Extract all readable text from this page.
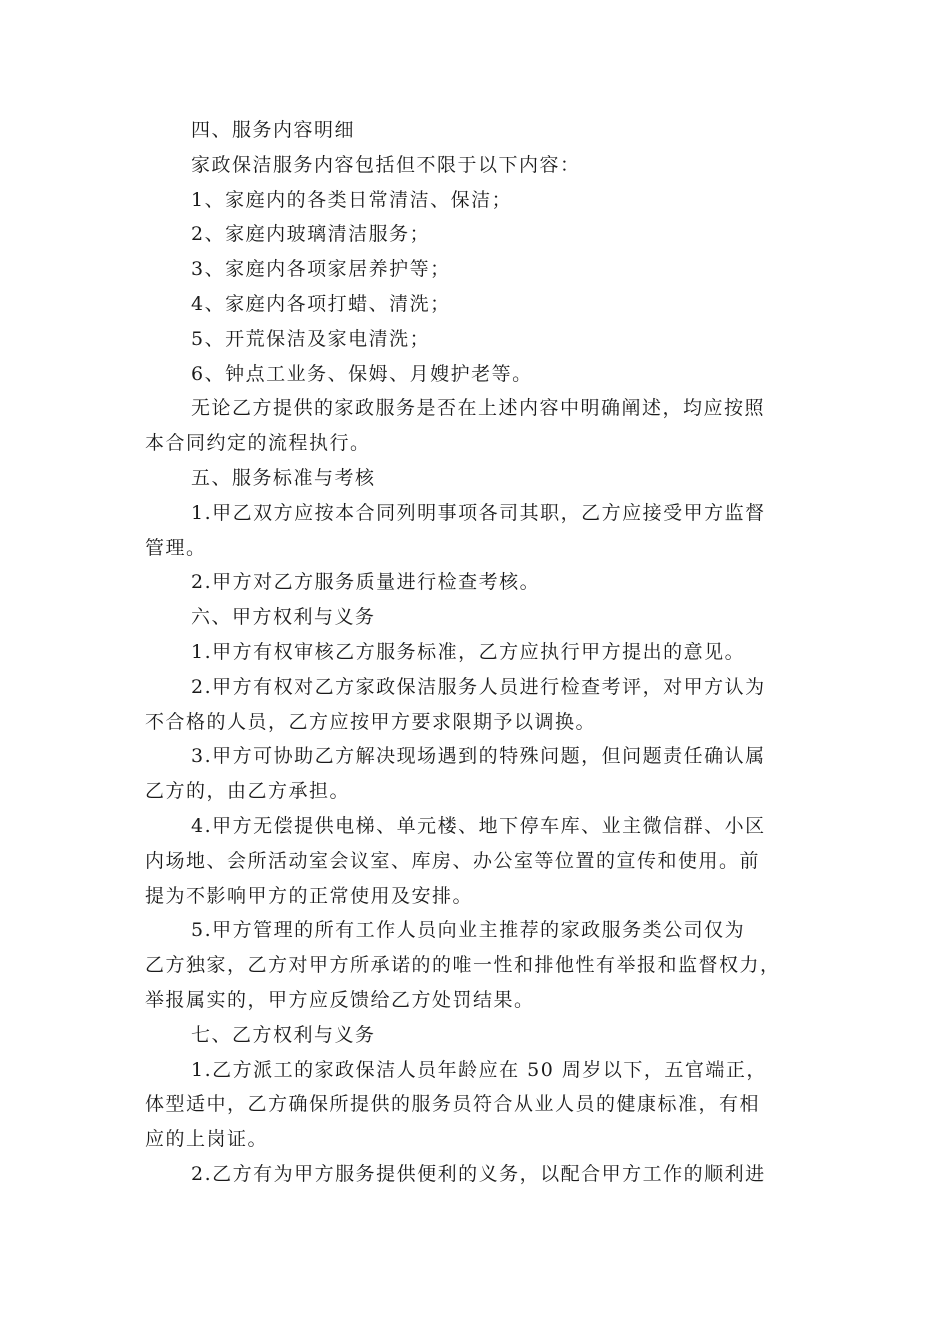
四、服务内容明细
家政保洁服务内容包括但不限于以下内容：
1、家庭内的各类日常清洁、保洁；
2、家庭内玻璃清洁服务；
3、家庭内各项家居养护等；
4、家庭内各项打蜡、清洗；
5、开荒保洁及家电清洗；
6、钟点工业务、保姆、月嫂护老等。
无论乙方提供的家政服务是否在上述内容中明确阐述，均应按照
本合同约定的流程执行。
五、服务标准与考核
1.甲乙双方应按本合同列明事项各司其职，乙方应接受甲方监督
管理。
2.甲方对乙方服务质量进行检查考核。
六、甲方权利与义务
1.甲方有权审核乙方服务标准，乙方应执行甲方提出的意见。
2.甲方有权对乙方家政保洁服务人员进行检查考评，对甲方认为
不合格的人员，乙方应按甲方要求限期予以调换。
3.甲方可协助乙方解决现场遇到的特殊问题，但问题责任确认属
乙方的，由乙方承担。
4.甲方无偿提供电梯、单元楼、地下停车库、业主微信群、小区
内场地、会所活动室会议室、库房、办公室等位置的宣传和使用。前
提为不影响甲方的正常使用及安排。
5.甲方管理的所有工作人员向业主推荐的家政服务类公司仅为
乙方独家，乙方对甲方所承诺的的唯一性和排他性有举报和监督权力，
举报属实的，甲方应反馈给乙方处罚结果。
七、乙方权利与义务
1.乙方派工的家政保洁人员年龄应在 50 周岁以下，五官端正，
体型适中，乙方确保所提供的服务员符合从业人员的健康标准，有相
应的上岗证。
2.乙方有为甲方服务提供便利的义务，以配合甲方工作的顺利进
